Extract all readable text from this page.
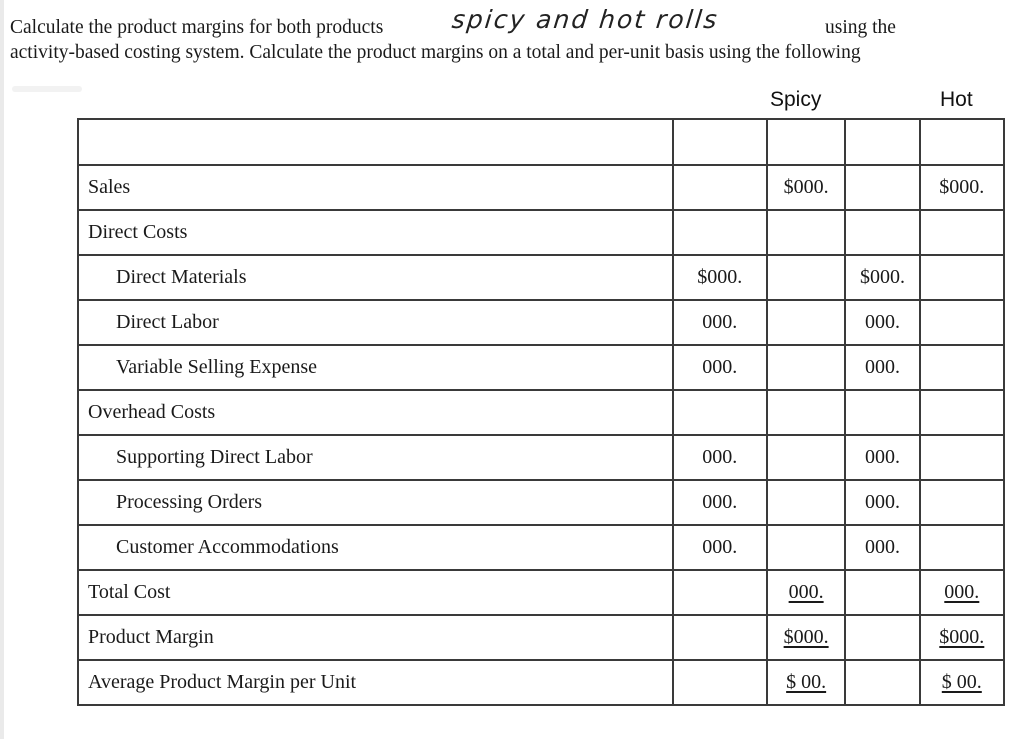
Calculate the product margins for both products	spicy and hot rolls	using the
activity-based costing system. Calculate the product margins on a total and per-unit basis using the following
Spicy	Hot

Sales		$000.		$000.
Direct Costs				
Direct Materials	$000.		$000.	
Direct Labor	000.		000.	
Variable Selling Expense	000.		000.	
Overhead Costs				
Supporting Direct Labor	000.		000.	
Processing Orders	000.		000.	
Customer Accommodations	000.		000.	
Total Cost		000.		000.
Product Margin		$000.		$000.
Average Product Margin per Unit		$ 00.		$ 00.
